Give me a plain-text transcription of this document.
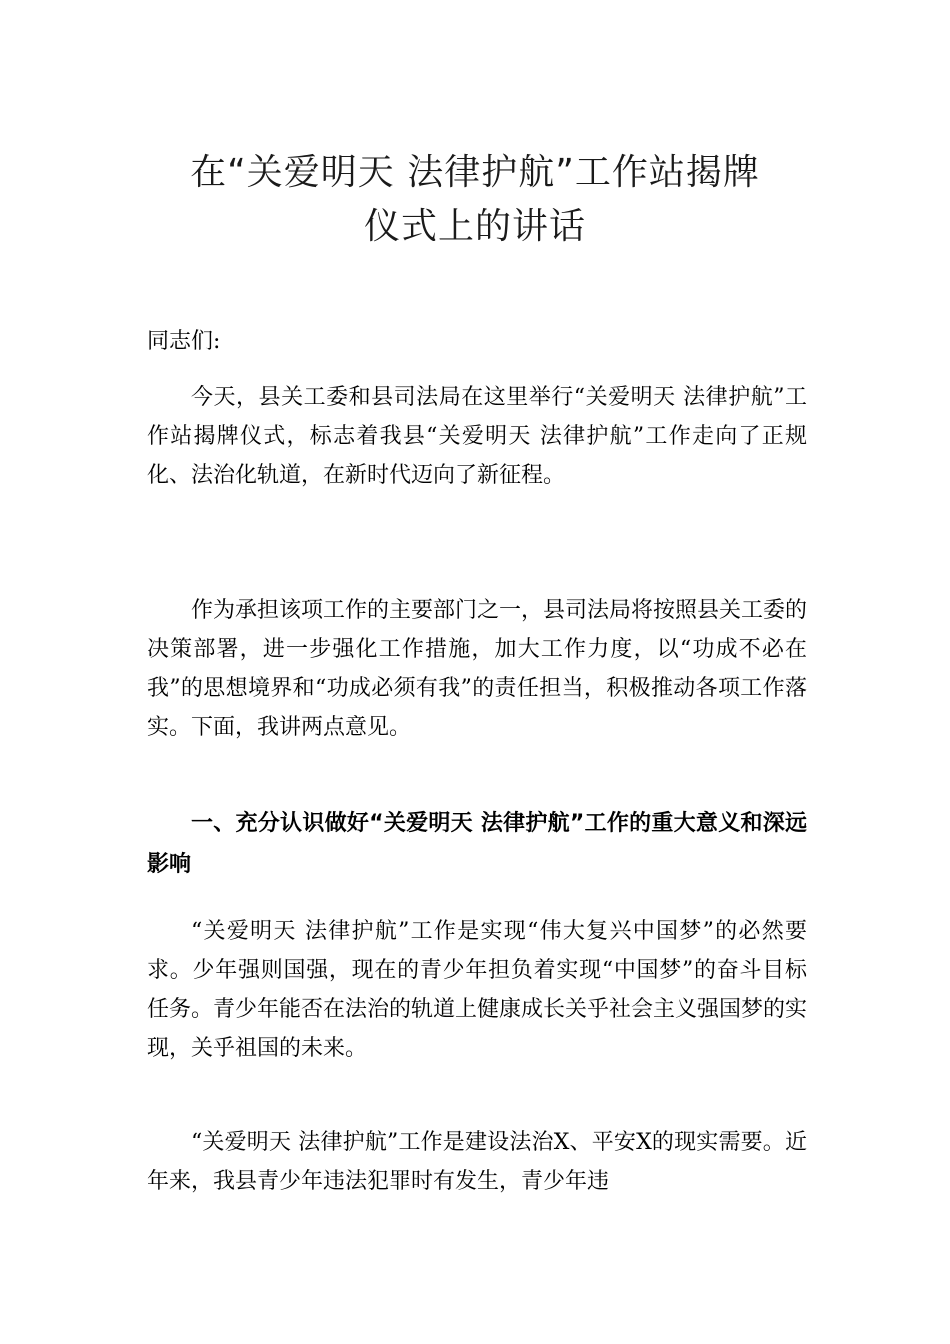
在“关爱明天 法律护航”工作站揭牌
仪式上的讲话

同志们:

今天，县关工委和县司法局在这里举行“关爱明天 法律护航”工作站揭牌仪式，标志着我县“关爱明天 法律护航”工作走向了正规化、法治化轨道，在新时代迈向了新征程。

作为承担该项工作的主要部门之一，县司法局将按照县关工委的决策部署，进一步强化工作措施，加大工作力度，以“功成不必在我”的思想境界和“功成必须有我”的责任担当，积极推动各项工作落实。下面，我讲两点意见。

一、充分认识做好“关爱明天 法律护航”工作的重大意义和深远影响

“关爱明天 法律护航”工作是实现“伟大复兴中国梦”的必然要求。少年强则国强，现在的青少年担负着实现“中国梦”的奋斗目标任务。青少年能否在法治的轨道上健康成长关乎社会主义强国梦的实现，关乎祖国的未来。

“关爱明天 法律护航”工作是建设法治X、平安X的现实需要。近年来，我县青少年违法犯罪时有发生，青少年违
